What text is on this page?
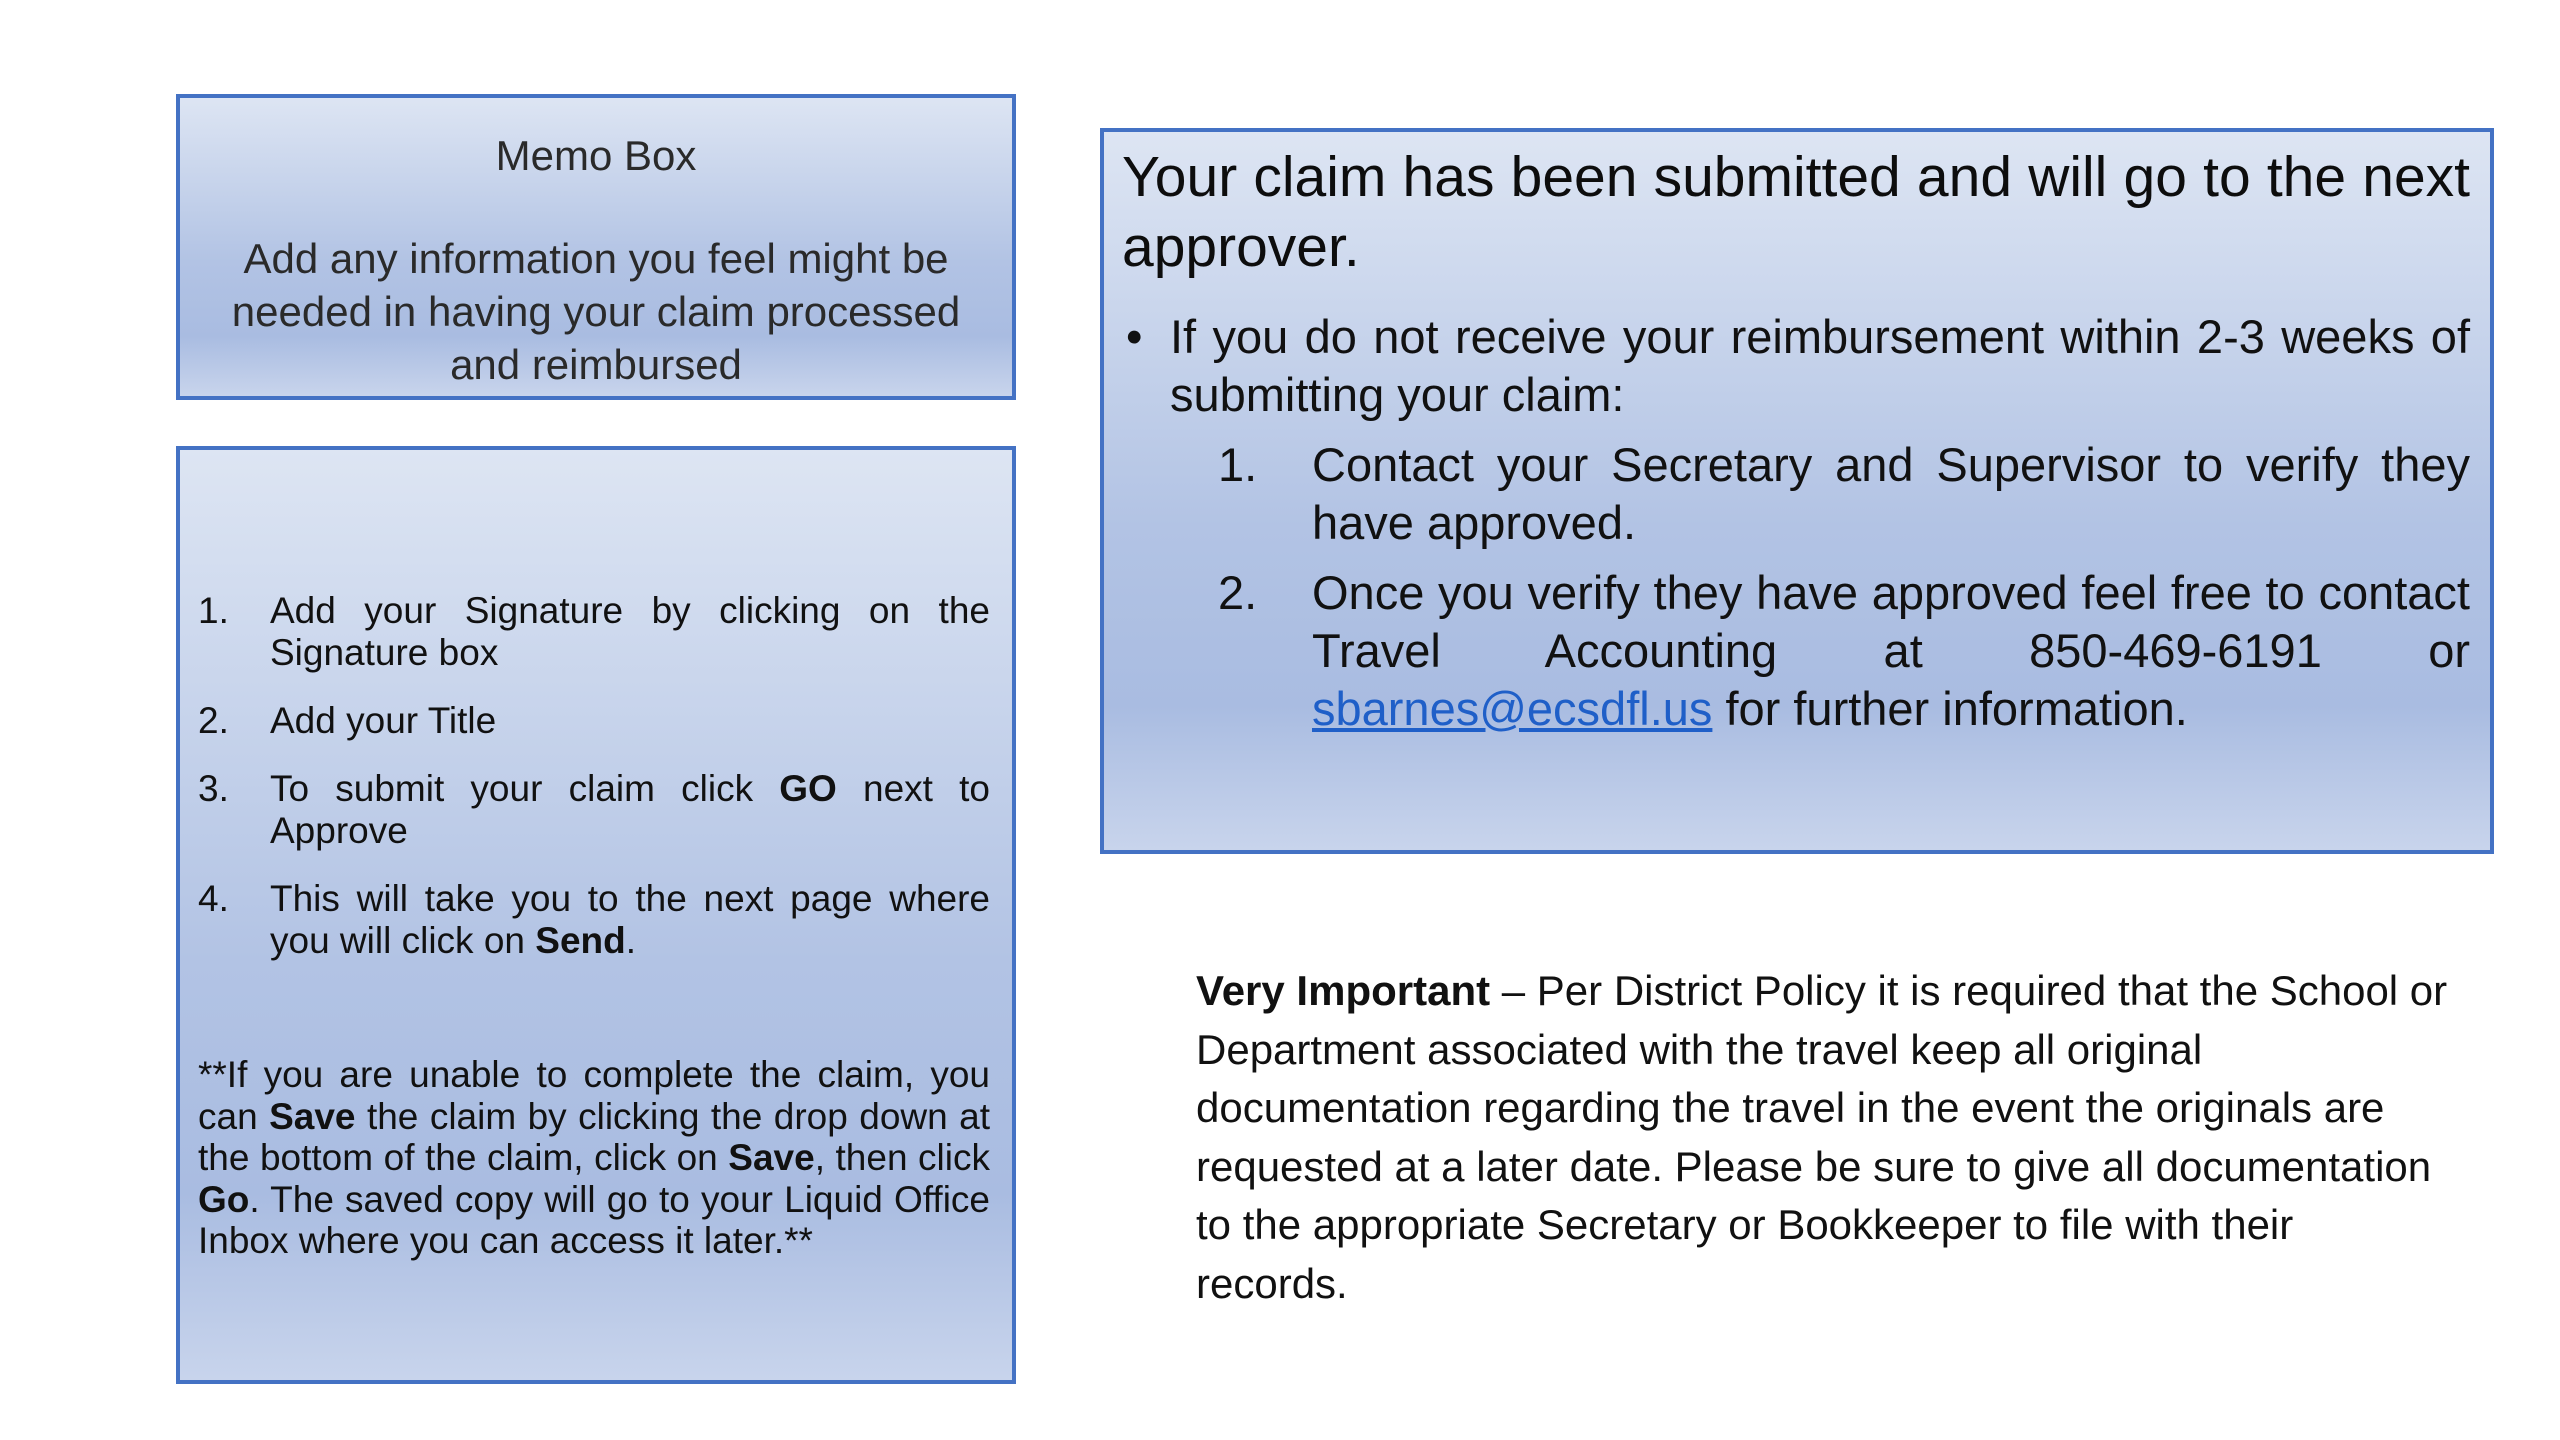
Memo Box
Add any information you feel might be needed in having your claim processed and reimbursed
1. Add your Signature by clicking on the Signature box
2. Add your Title
3. To submit your claim click GO next to Approve
4. This will take you to the next page where you will click on Send.
**If you are unable to complete the claim, you can Save the claim by clicking the drop down at the bottom of the claim, click on Save, then click Go. The saved copy will go to your Liquid Office Inbox where you can access it later.**
Your claim has been submitted and will go to the next approver.
• If you do not receive your reimbursement within 2-3 weeks of submitting your claim:
1. Contact your Secretary and Supervisor to verify they have approved.
2. Once you verify they have approved feel free to contact Travel Accounting at 850-469-6191 or sbarnes@ecsdfl.us for further information.
Very Important – Per District Policy it is required that the School or Department associated with the travel keep all original documentation regarding the travel in the event the originals are requested at a later date. Please be sure to give all documentation to the appropriate Secretary or Bookkeeper to file with their records.
